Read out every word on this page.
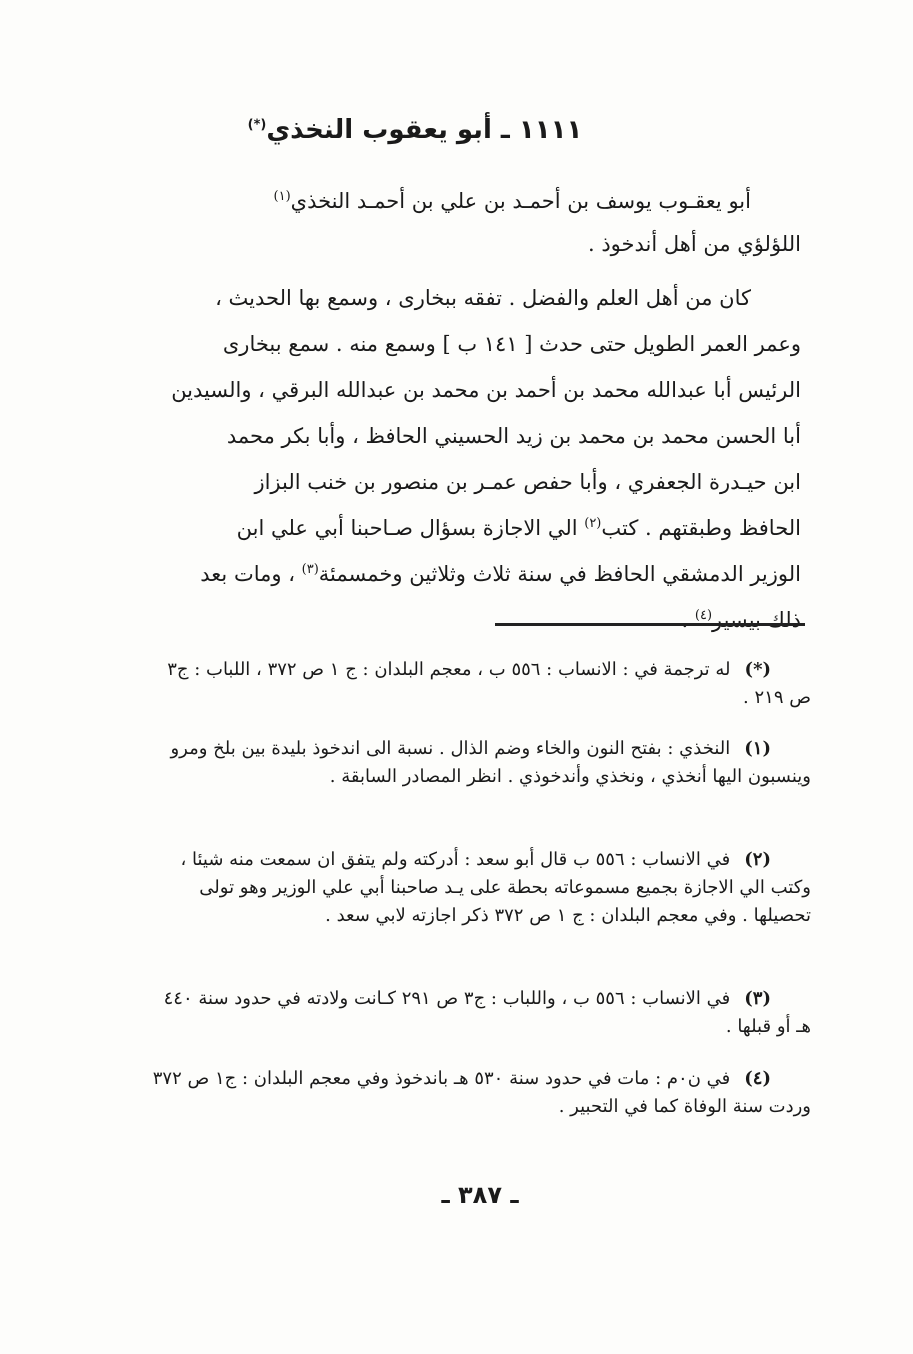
١١١١ ـ أبو يعقوب النخذي(*)
أبو يعقـوب يوسف بن أحمـد بن علي بن أحمـد النخذي$^{(١)}$
اللؤلؤي من أهل أندخوذ .
كان من أهل العلم والفضل . تفقه ببخارى ، وسمع بها الحديث ،
وعمر العمر الطويل حتى حدث [ ١٤١ ب ] وسمع منه . سمع ببخارى
الرئيس أبا عبدالله محمد بن أحمد بن محمد بن عبدالله البرقي ، والسيدين
أبا الحسن محمد بن محمد بن زيد الحسيني الحافظ ، وأبا بكر محمد
ابن حيـدرة الجعفري ، وأبا حفص عمـر بن منصور بن خنب البزاز
الحافظ وطبقتهم . كتب$^{(٢)}$ الي الاجازة بسؤال صـاحبنا أبي علي ابن
الوزير الدمشقي الحافظ في سنة ثلاث وثلاثين وخمسمئة$^{(٣)}$ ، ومات بعد
ذلك بيسير$^{(٤)}$ .
(*)له ترجمة في : الانساب : ٥٥٦ ب ، معجم البلدان : ج ١ ص ٣٧٢ ، اللباب : ج٣ ص ٢١٩ .
(١)النخذي : بفتح النون والخاء وضم الذال . نسبة الى اندخوذ بليدة بين بلخ ومرو وينسبون اليها أنخذي ، ونخذي وأندخوذي . انظر المصادر السابقة .
(٢)في الانساب : ٥٥٦ ب قال أبو سعد : أدركته ولم يتفق ان سمعت منه شيئا ، وكتب الي الاجازة بجميع مسموعاته بحطة على يـد صاحبنا أبي علي الوزير وهو تولى تحصيلها . وفي معجم البلدان : ج ١ ص ٣٧٢ ذكر اجازته لابي سعد .
(٣)في الانساب : ٥٥٦ ب ، واللباب : ج٣ ص ٢٩١ كـانت ولادته في حدود سنة ٤٤٠ هـ أو قبلها .
(٤)في ن٠م : مات في حدود سنة ٥٣٠ هـ باندخوذ وفي معجم البلدان : ج١ ص ٣٧٢ وردت سنة الوفاة كما في التحبير .
ـ ٣٨٧ ـ
